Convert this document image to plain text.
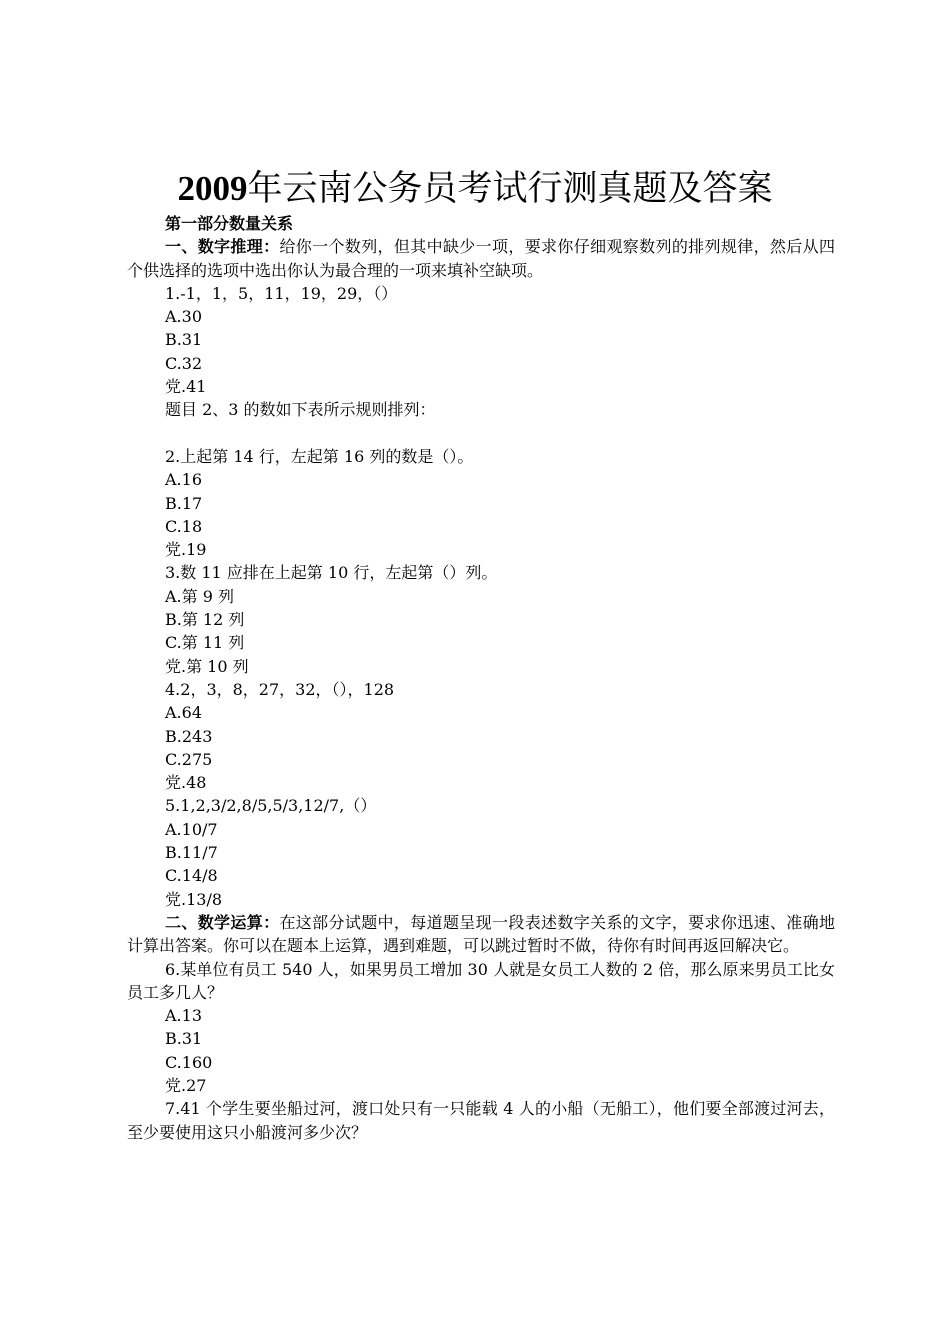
2009年云南公务员考试行测真题及答案

第一部分数量关系

一、数字推理：给你一个数列，但其中缺少一项，要求你仔细观察数列的排列规律，然后从四个供选择的选项中选出你认为最合理的一项来填补空缺项。

1.-1，1，5，11，19，29，（）

A.30

B.31

C.32

党.41

题目 2、3 的数如下表所示规则排列：

2.上起第 14 行，左起第 16 列的数是（）。

A.16

B.17

C.18

党.19

3.数 11 应排在上起第 10 行，左起第（）列。

A.第 9 列

B.第 12 列

C.第 11 列

党.第 10 列

4.2，3，8，27，32，（），128

A.64

B.243

C.275

党.48

5.1,2,3/2,8/5,5/3,12/7,（）

A.10/7

B.11/7

C.14/8

党.13/8

二、数学运算：在这部分试题中，每道题呈现一段表述数字关系的文字，要求你迅速、准确地计算出答案。你可以在题本上运算，遇到难题，可以跳过暂时不做，待你有时间再返回解决它。

6.某单位有员工 540 人，如果男员工增加 30 人就是女员工人数的 2 倍，那么原来男员工比女员工多几人？

A.13

B.31

C.160

党.27

7.41 个学生要坐船过河，渡口处只有一只能载 4 人的小船（无船工），他们要全部渡过河去，至少要使用这只小船渡河多少次？
